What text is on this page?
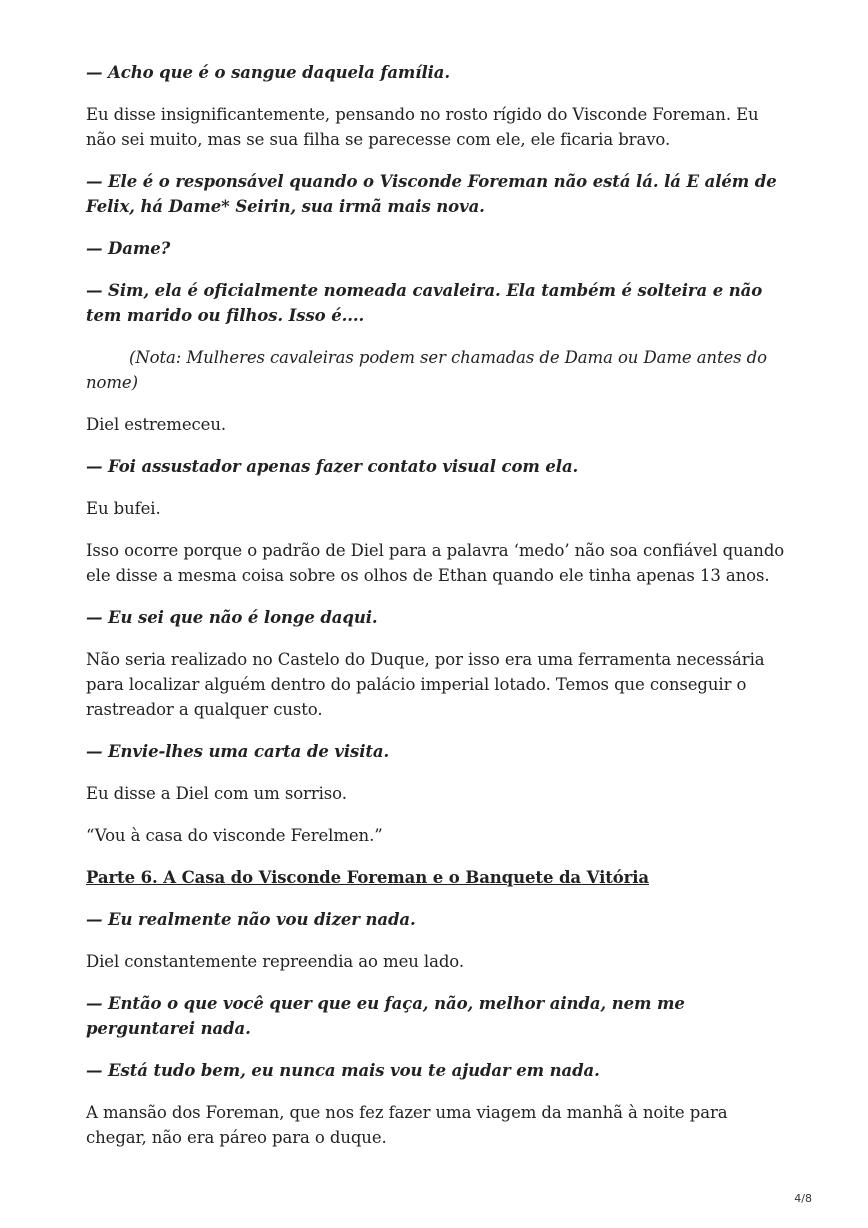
— Acho que é o sangue daquela família.

Eu disse insignificantemente, pensando no rosto rígido do Visconde Foreman. Eu não sei muito, mas se sua filha se parecesse com ele, ele ficaria bravo.

— Ele é o responsável quando o Visconde Foreman não está lá. lá E além de Felix, há Dame* Seirin, sua irmã mais nova.

— Dame?

— Sim, ela é oficialmente nomeada cavaleira. Ela também é solteira e não tem marido ou filhos. Isso é....

(Nota: Mulheres cavaleiras podem ser chamadas de Dama ou Dame antes do nome)

Diel estremeceu.

— Foi assustador apenas fazer contato visual com ela.

Eu bufei.

Isso ocorre porque o padrão de Diel para a palavra ‘medo’ não soa confiável quando ele disse a mesma coisa sobre os olhos de Ethan quando ele tinha apenas 13 anos.

— Eu sei que não é longe daqui.

Não seria realizado no Castelo do Duque, por isso era uma ferramenta necessária para localizar alguém dentro do palácio imperial lotado. Temos que conseguir o rastreador a qualquer custo.

— Envie-lhes uma carta de visita.

Eu disse a Diel com um sorriso.

“Vou à casa do visconde Ferelmen.”

Parte 6. A Casa do Visconde Foreman e o Banquete da Vitória

— Eu realmente não vou dizer nada.

Diel constantemente repreendia ao meu lado.

— Então o que você quer que eu faça, não, melhor ainda, nem me perguntarei nada.

— Está tudo bem, eu nunca mais vou te ajudar em nada.

A mansão dos Foreman, que nos fez fazer uma viagem da manhã à noite para chegar, não era páreo para o duque.

4/8
